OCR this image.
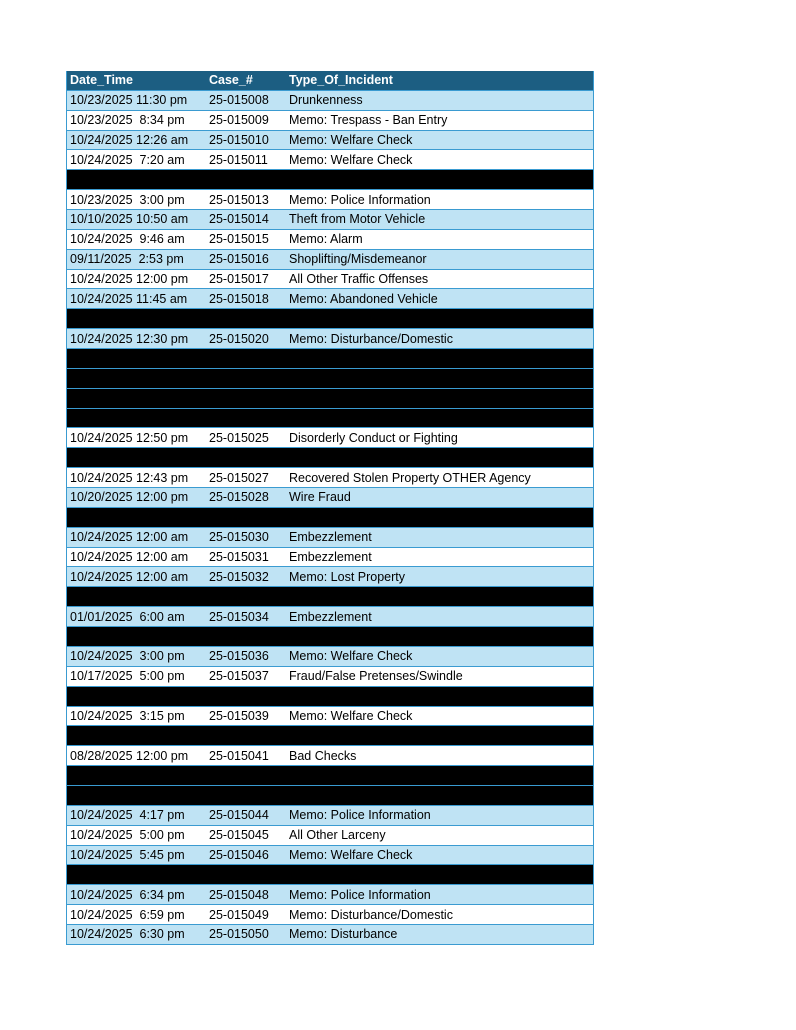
Date_Time	Case_#	Type_Of_Incident
10/23/2025 11:30 pm	25-015008	Drunkenness
10/23/2025  8:34 pm	25-015009	Memo: Trespass - Ban Entry
10/24/2025 12:26 am	25-015010	Memo: Welfare Check
10/24/2025  7:20 am	25-015011	Memo: Welfare Check
10/23/2025  3:00 pm	25-015013	Memo: Police Information
10/10/2025 10:50 am	25-015014	Theft from Motor Vehicle
10/24/2025  9:46 am	25-015015	Memo: Alarm
09/11/2025  2:53 pm	25-015016	Shoplifting/Misdemeanor
10/24/2025 12:00 pm	25-015017	All Other Traffic Offenses
10/24/2025 11:45 am	25-015018	Memo: Abandoned Vehicle
10/24/2025 12:30 pm	25-015020	Memo: Disturbance/Domestic
10/24/2025 12:50 pm	25-015025	Disorderly Conduct or Fighting
10/24/2025 12:43 pm	25-015027	Recovered Stolen Property OTHER Agency
10/20/2025 12:00 pm	25-015028	Wire Fraud
10/24/2025 12:00 am	25-015030	Embezzlement
10/24/2025 12:00 am	25-015031	Embezzlement
10/24/2025 12:00 am	25-015032	Memo: Lost Property
01/01/2025  6:00 am	25-015034	Embezzlement
10/24/2025  3:00 pm	25-015036	Memo: Welfare Check
10/17/2025  5:00 pm	25-015037	Fraud/False Pretenses/Swindle
10/24/2025  3:15 pm	25-015039	Memo: Welfare Check
08/28/2025 12:00 pm	25-015041	Bad Checks
10/24/2025  4:17 pm	25-015044	Memo: Police Information
10/24/2025  5:00 pm	25-015045	All Other Larceny
10/24/2025  5:45 pm	25-015046	Memo: Welfare Check
10/24/2025  6:34 pm	25-015048	Memo: Police Information
10/24/2025  6:59 pm	25-015049	Memo: Disturbance/Domestic
10/24/2025  6:30 pm	25-015050	Memo: Disturbance
